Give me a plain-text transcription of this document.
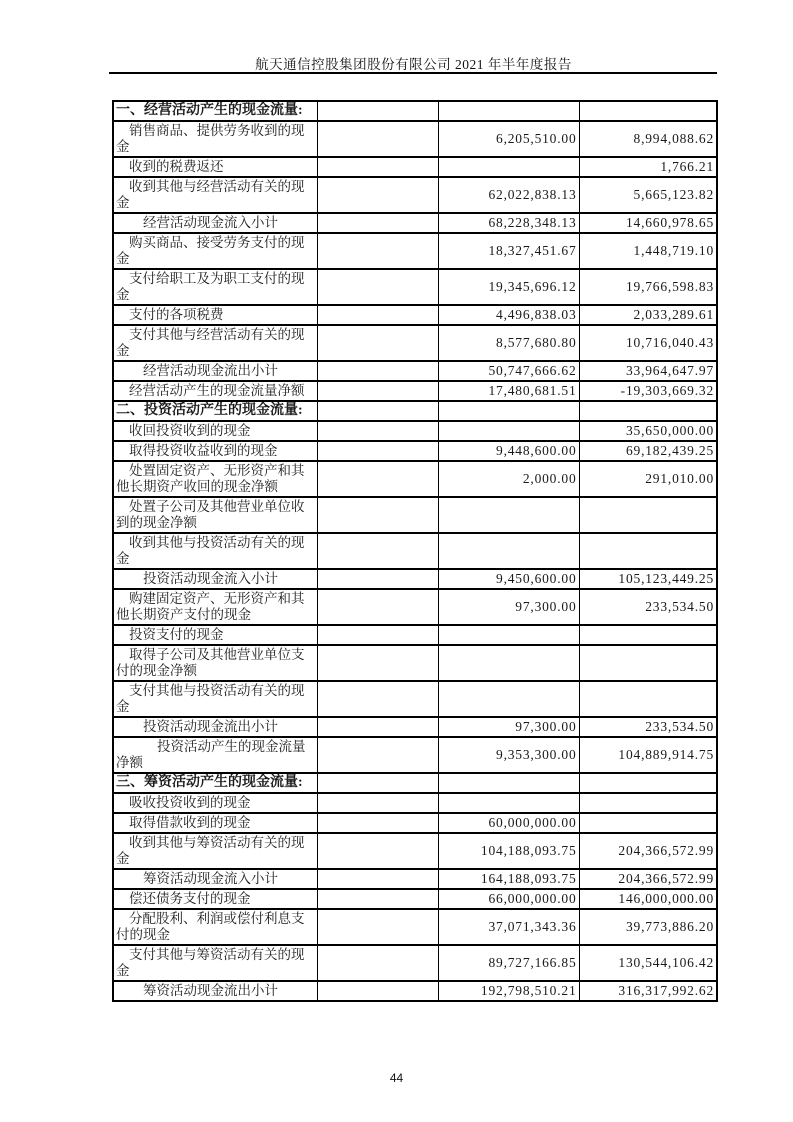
航天通信控股集团股份有限公司 2021 年半年度报告
一、经营活动产生的现金流量:			
销售商品、提供劳务收到的现金		6,205,510.00	8,994,088.62
收到的税费返还			1,766.21
收到其他与经营活动有关的现金		62,022,838.13	5,665,123.82
经营活动现金流入小计		68,228,348.13	14,660,978.65
购买商品、接受劳务支付的现金		18,327,451.67	1,448,719.10
支付给职工及为职工支付的现金		19,345,696.12	19,766,598.83
支付的各项税费		4,496,838.03	2,033,289.61
支付其他与经营活动有关的现金		8,577,680.80	10,716,040.43
经营活动现金流出小计		50,747,666.62	33,964,647.97
经营活动产生的现金流量净额		17,480,681.51	-19,303,669.32
二、投资活动产生的现金流量:			
收回投资收到的现金			35,650,000.00
取得投资收益收到的现金		9,448,600.00	69,182,439.25
处置固定资产、无形资产和其他长期资产收回的现金净额		2,000.00	291,010.00
处置子公司及其他营业单位收到的现金净额			
收到其他与投资活动有关的现金			
投资活动现金流入小计		9,450,600.00	105,123,449.25
购建固定资产、无形资产和其他长期资产支付的现金		97,300.00	233,534.50
投资支付的现金			
取得子公司及其他营业单位支付的现金净额			
支付其他与投资活动有关的现金			
投资活动现金流出小计		97,300.00	233,534.50
投资活动产生的现金流量净额		9,353,300.00	104,889,914.75
三、筹资活动产生的现金流量:			
吸收投资收到的现金			
取得借款收到的现金		60,000,000.00	
收到其他与筹资活动有关的现金		104,188,093.75	204,366,572.99
筹资活动现金流入小计		164,188,093.75	204,366,572.99
偿还债务支付的现金		66,000,000.00	146,000,000.00
分配股利、利润或偿付利息支付的现金		37,071,343.36	39,773,886.20
支付其他与筹资活动有关的现金		89,727,166.85	130,544,106.42
筹资活动现金流出小计		192,798,510.21	316,317,992.62
44
